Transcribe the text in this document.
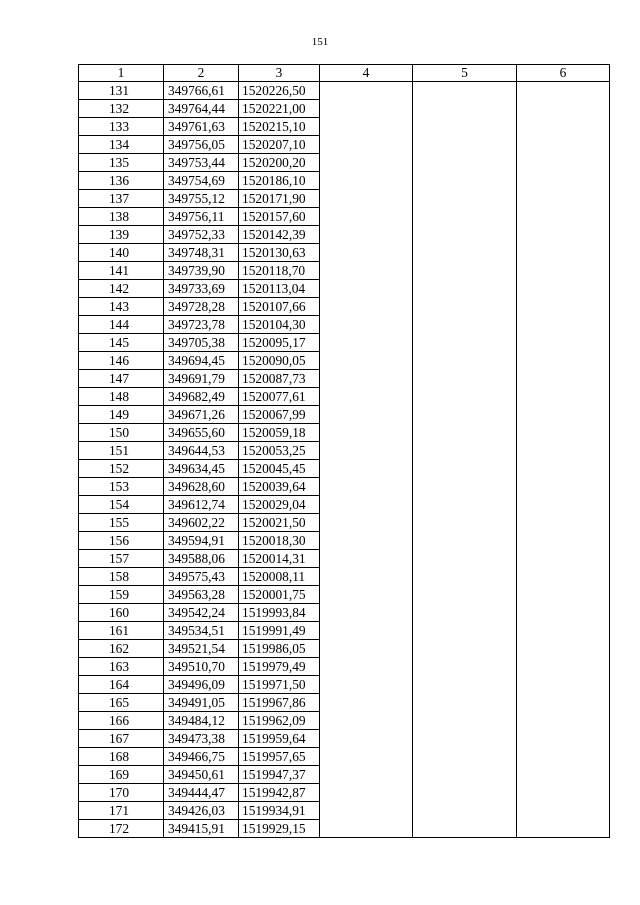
151
1	2	3	4	5	6
131	349766,61	1520226,50			
132	349764,44	1520221,00			
133	349761,63	1520215,10			
134	349756,05	1520207,10			
135	349753,44	1520200,20			
136	349754,69	1520186,10			
137	349755,12	1520171,90			
138	349756,11	1520157,60			
139	349752,33	1520142,39			
140	349748,31	1520130,63			
141	349739,90	1520118,70			
142	349733,69	1520113,04			
143	349728,28	1520107,66			
144	349723,78	1520104,30			
145	349705,38	1520095,17			
146	349694,45	1520090,05			
147	349691,79	1520087,73			
148	349682,49	1520077,61			
149	349671,26	1520067,99			
150	349655,60	1520059,18			
151	349644,53	1520053,25			
152	349634,45	1520045,45			
153	349628,60	1520039,64			
154	349612,74	1520029,04			
155	349602,22	1520021,50			
156	349594,91	1520018,30			
157	349588,06	1520014,31			
158	349575,43	1520008,11			
159	349563,28	1520001,75			
160	349542,24	1519993,84			
161	349534,51	1519991,49			
162	349521,54	1519986,05			
163	349510,70	1519979,49			
164	349496,09	1519971,50			
165	349491,05	1519967,86			
166	349484,12	1519962,09			
167	349473,38	1519959,64			
168	349466,75	1519957,65			
169	349450,61	1519947,37			
170	349444,47	1519942,87			
171	349426,03	1519934,91			
172	349415,91	1519929,15			
